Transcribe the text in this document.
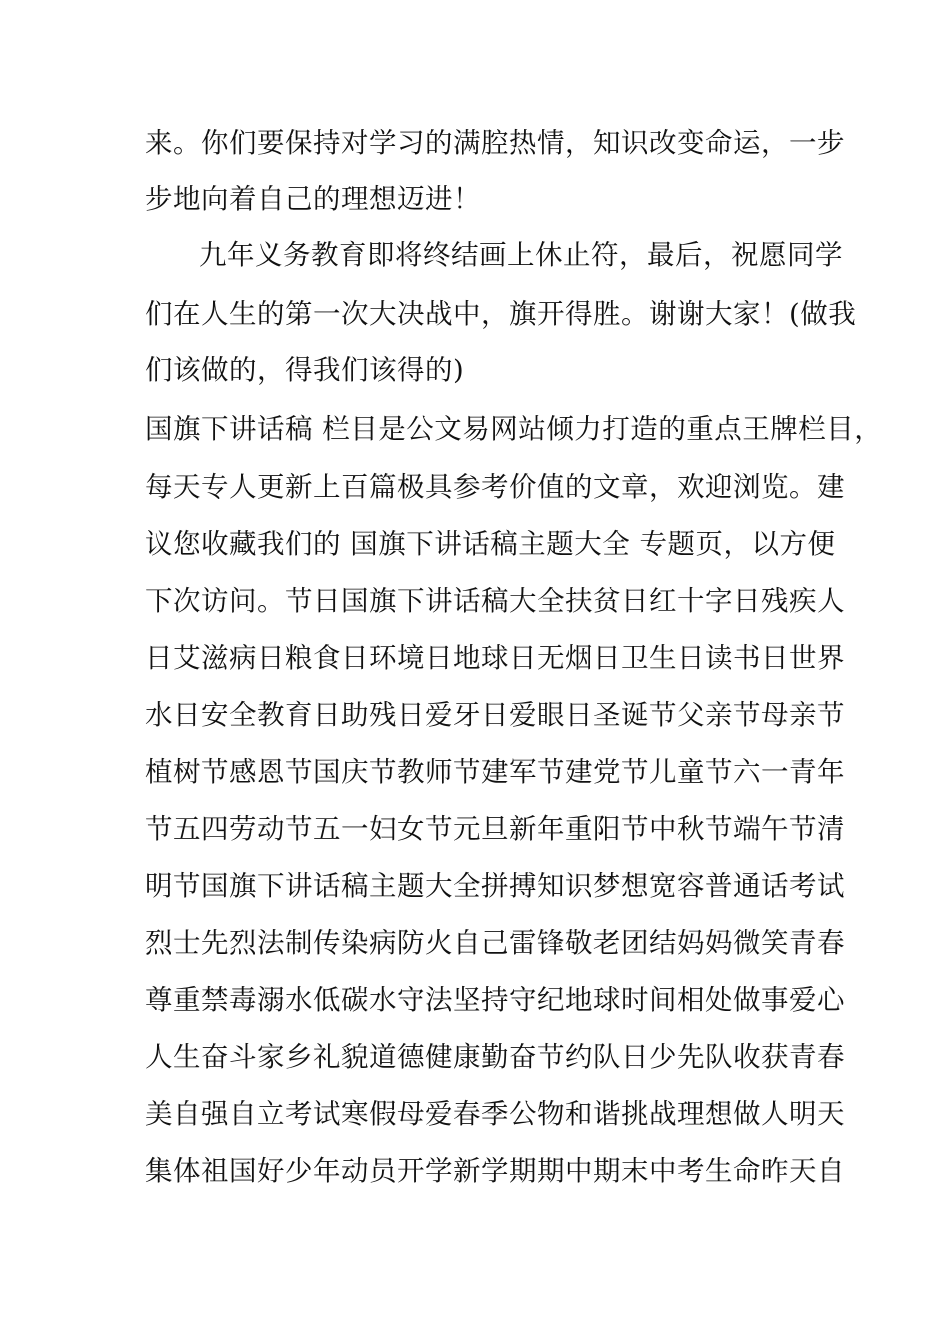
来。你们要保持对学习的满腔热情，知识改变命运，一步
步地向着自己的理想迈进！
九年义务教育即将终结画上休止符，最后，祝愿同学
们在人生的第一次大决战中，旗开得胜。谢谢大家！(做我
们该做的，得我们该得的)
国旗下讲话稿 栏目是公文易网站倾力打造的重点王牌栏目，
每天专人更新上百篇极具参考价值的文章，欢迎浏览。建
议您收藏我们的 国旗下讲话稿主题大全 专题页，以方便
下次访问。节日国旗下讲话稿大全扶贫日红十字日残疾人
日艾滋病日粮食日环境日地球日无烟日卫生日读书日世界
水日安全教育日助残日爱牙日爱眼日圣诞节父亲节母亲节
植树节感恩节国庆节教师节建军节建党节儿童节六一青年
节五四劳动节五一妇女节元旦新年重阳节中秋节端午节清
明节国旗下讲话稿主题大全拼搏知识梦想宽容普通话考试
烈士先烈法制传染病防火自己雷锋敬老团结妈妈微笑青春
尊重禁毒溺水低碳水守法坚持守纪地球时间相处做事爱心
人生奋斗家乡礼貌道德健康勤奋节约队日少先队收获青春
美自强自立考试寒假母爱春季公物和谐挑战理想做人明天
集体祖国好少年动员开学新学期期中期末中考生命昨天自
